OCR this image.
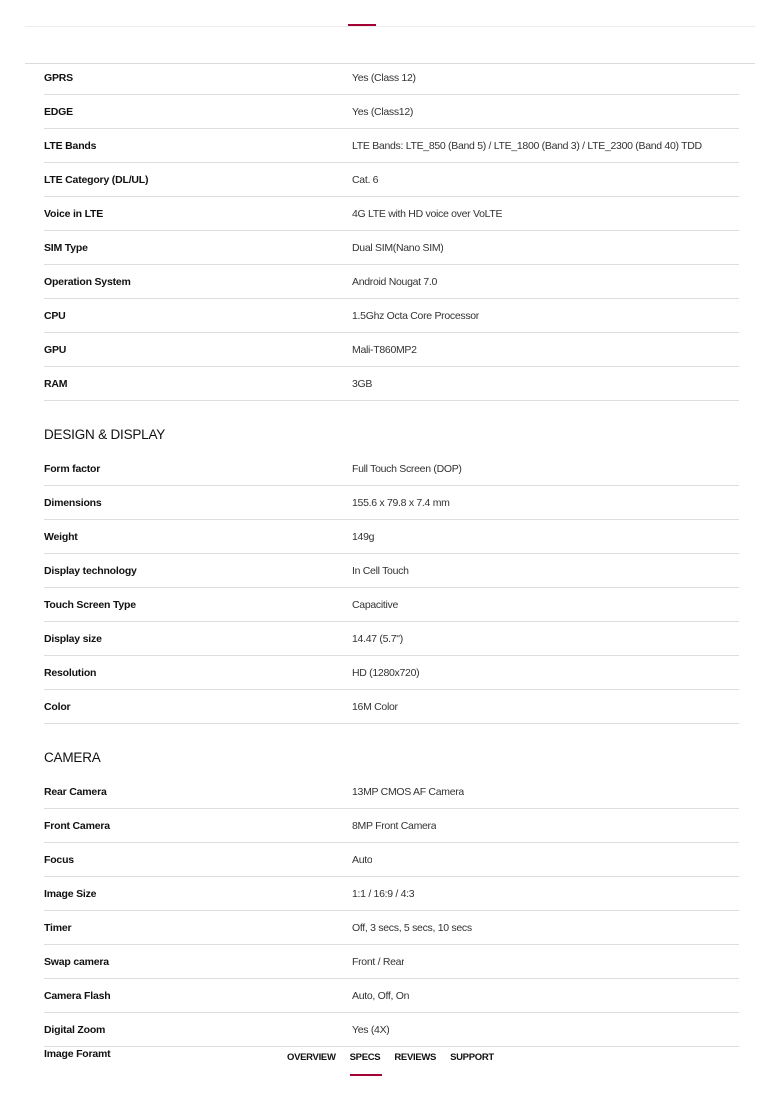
GPRS	Yes (Class 12)
EDGE	Yes (Class12)
LTE Bands	LTE Bands: LTE_850 (Band 5) / LTE_1800 (Band 3) / LTE_2300 (Band 40) TDD
LTE Category (DL/UL)	Cat. 6
Voice in LTE	4G LTE with HD voice over VoLTE
SIM Type	Dual SIM(Nano SIM)
Operation System	Android Nougat 7.0
CPU	1.5Ghz Octa Core Processor
GPU	Mali-T860MP2
RAM	3GB
DESIGN & DISPLAY
Form factor	Full Touch Screen (DOP)
Dimensions	155.6 x 79.8 x 7.4 mm
Weight	149g
Display technology	In Cell Touch
Touch Screen Type	Capacitive
Display size	14.47 (5.7")
Resolution	HD (1280x720)
Color	16M Color
CAMERA
Rear Camera	13MP CMOS AF Camera
Front Camera	8MP Front Camera
Focus	Auto
Image Size	1:1 / 16:9 / 4:3
Timer	Off, 3 secs, 5 secs, 10 secs
Swap camera	Front / Rear
Camera Flash	Auto, Off, On
Digital Zoom	Yes (4X)
Image Foramt	OVERVIEW SPECS REVIEWS SUPPORT
